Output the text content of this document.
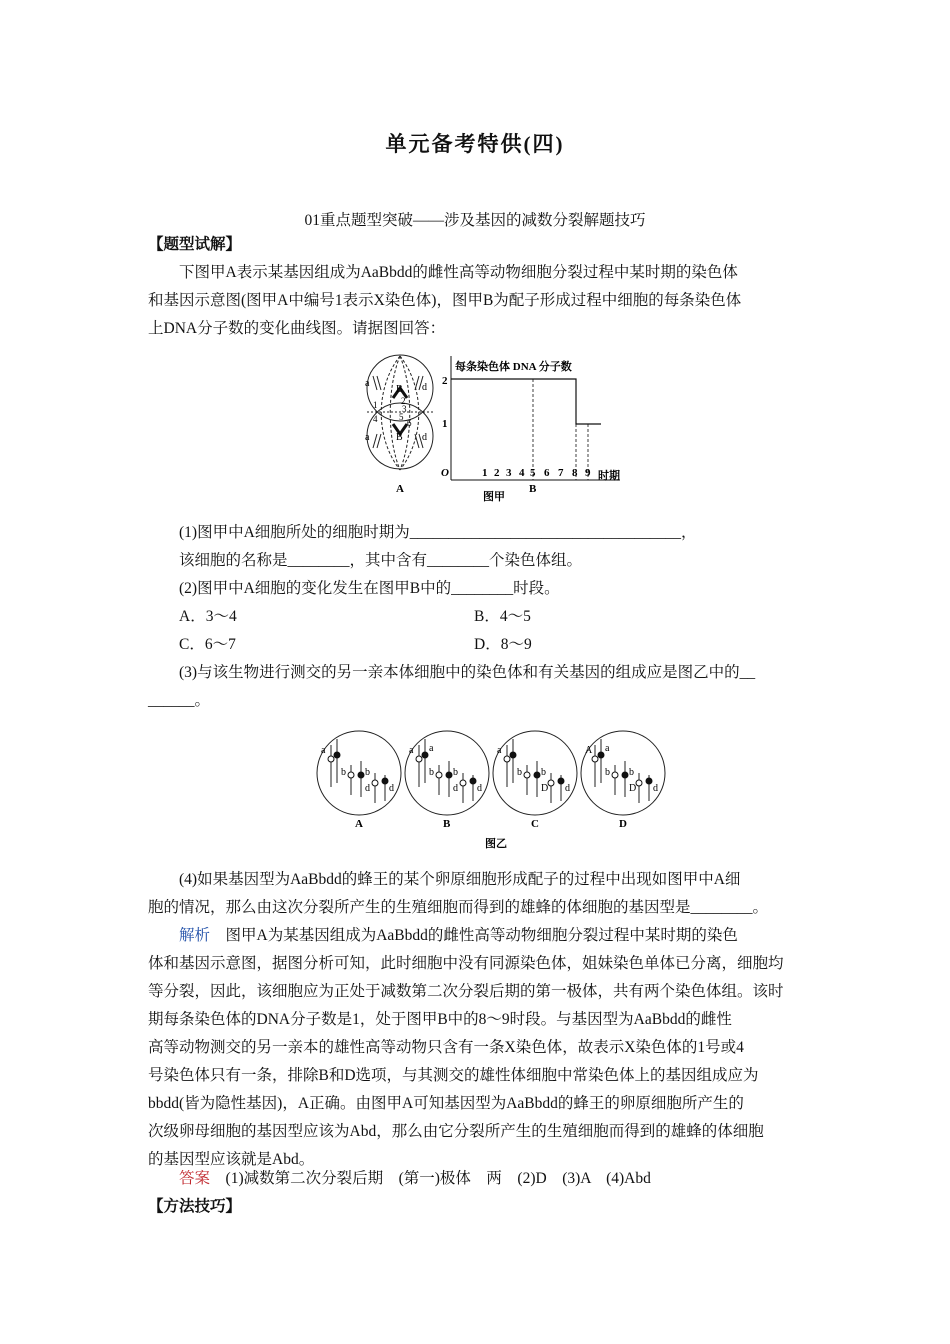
单元备考特供(四)
01重点题型突破——涉及基因的减数分裂解题技巧
【题型试解】
下图甲A表示某基因组成为AaBbdd的雌性高等动物细胞分裂过程中某时期的染色体
和基因示意图(图甲A中编号1表示X染色体)，图甲B为配子形成过程中细胞的每条染色体
上DNA分子数的变化曲线图。请据图回答：
a
B d
a	B d
1	2
3
4 5
6
A
每条染色体 DNA 分子数
2
1
O	1 2 3 4 5 6 7 8 9 时期
B
图甲
(1)图甲中A细胞所处的细胞时期为___________________________________，
该细胞的名称是________，其中含有________个染色体组。
(2)图甲中A细胞的变化发生在图甲B中的________时段。
A．3～4	B．4～5
C．6～7	D．8～9
(3)与该生物进行测交的另一亲本体细胞中的染色体和有关基因的组成应是图乙中的__
______。
a
b b
d d
A
a a
b b
d d
B
a
b b
D d
C
A a
b b
D d
D
图乙
(4)如果基因型为AaBbdd的蜂王的某个卵原细胞形成配子的过程中出现如图甲中A细
胞的情况，那么由这次分裂所产生的生殖细胞而得到的雄蜂的体细胞的基因型是________。
解析　 图甲A为某基因组成为AaBbdd的雌性高等动物细胞分裂过程中某时期的染色
体和基因示意图，据图分析可知，此时细胞中没有同源染色体，姐妹染色单体已分离，细胞均
等分裂，因此，该细胞应为正处于减数第二次分裂后期的第一极体，共有两个染色体组。该时
期每条染色体的DNA分子数是1，处于图甲B中的8～9时段。与基因型为AaBbdd的雌性
高等动物测交的另一亲本的雄性高等动物只含有一条X染色体，故表示X染色体的1号或4
号染色体只有一条，排除B和D选项，与其测交的雄性体细胞中常染色体上的基因组成应为
bbdd(皆为隐性基因)，A正确。由图甲A可知基因型为AaBbdd的蜂王的卵原细胞所产生的
次级卵母细胞的基因型应该为Abd，那么由它分裂所产生的生殖细胞而得到的雄蜂的体细胞
的基因型应该就是Abd。
答案　 (1)减数第二次分裂后期　(第一)极体　两　(2)D　(3)A　(4)Abd
【方法技巧】
